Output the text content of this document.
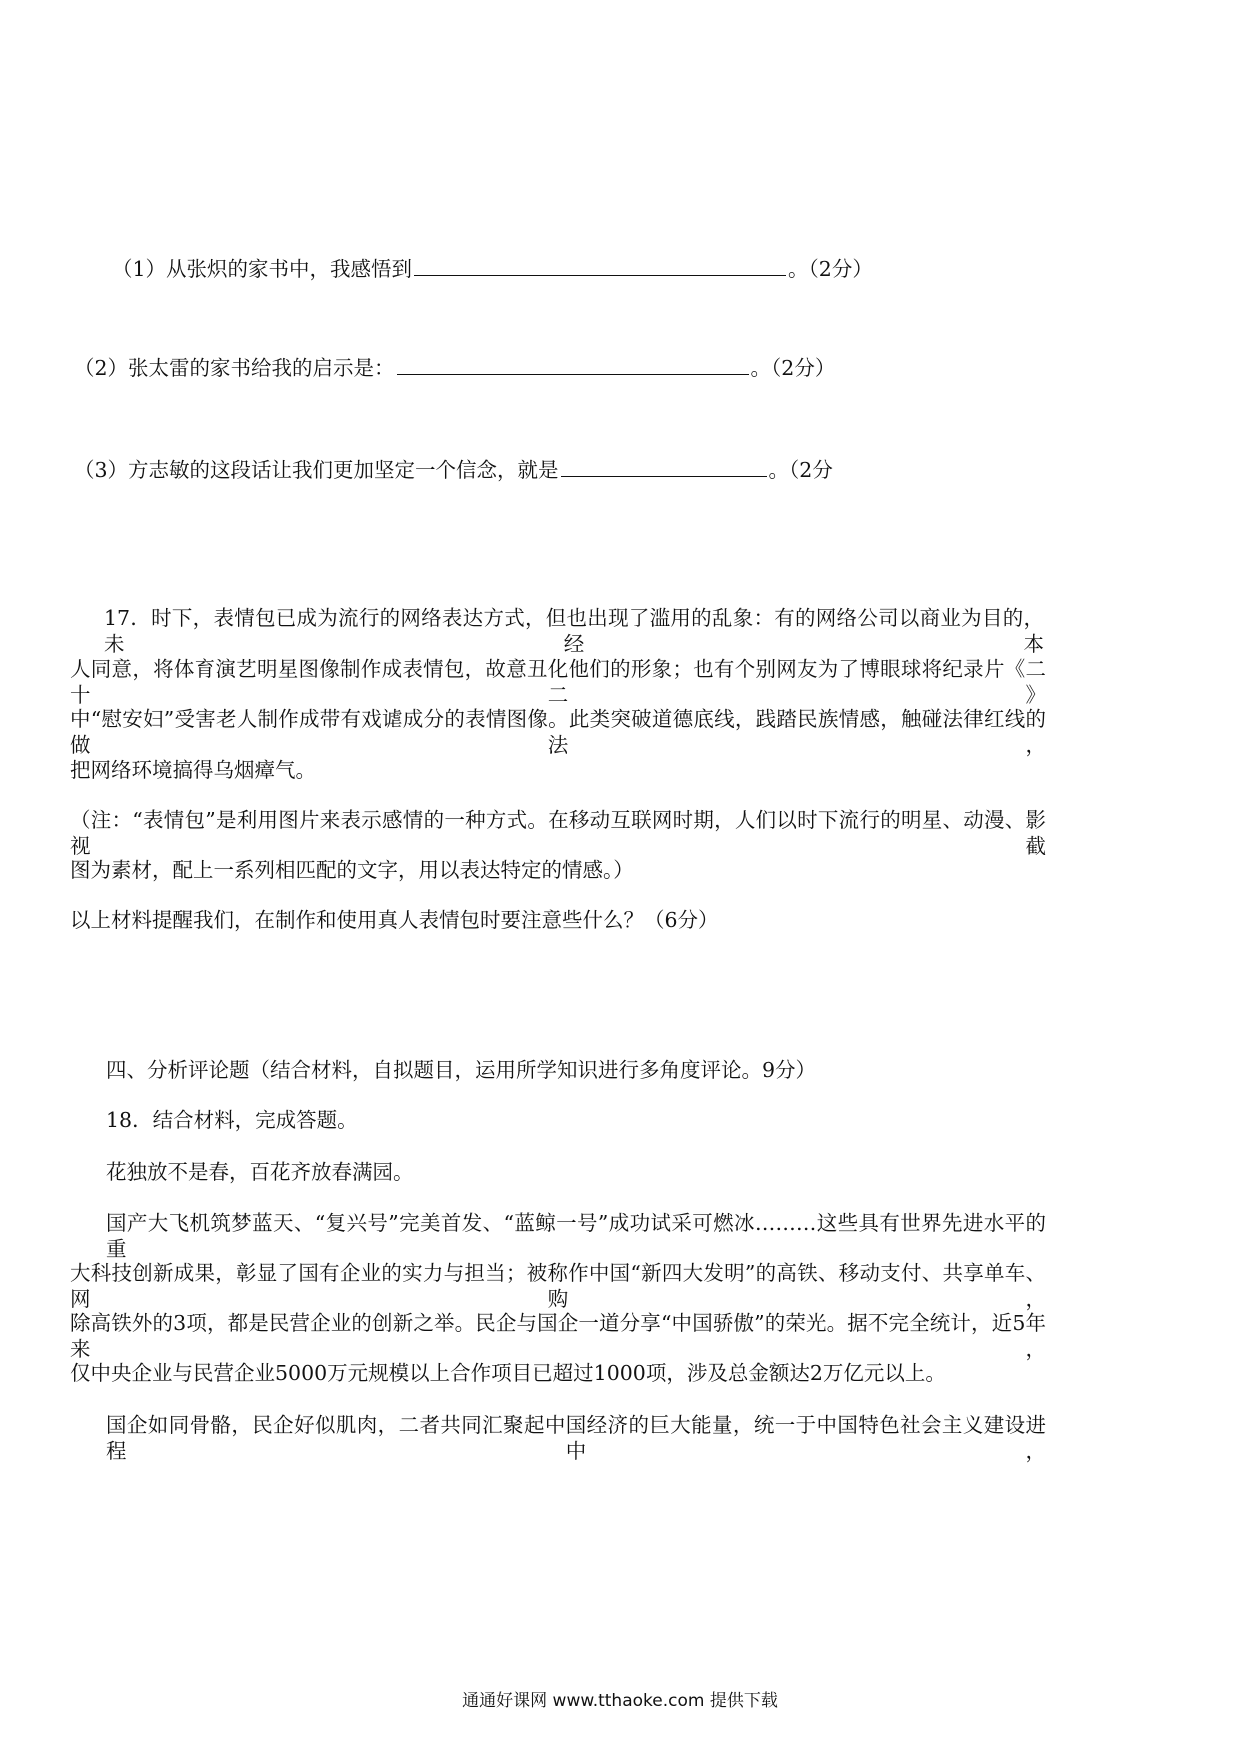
（1）从张炽的家书中，我感悟到	。（2分）
（2）张太雷的家书给我的启示是：	。（2分）
（3）方志敏的这段话让我们更加坚定一个信念，就是	。（2分
17．时下，表情包已成为流行的网络表达方式，但也出现了滥用的乱象：有的网络公司以商业为目的，未经本
人同意，将体育演艺明星图像制作成表情包，故意丑化他们的形象；也有个别网友为了博眼球将纪录片《二十二》
中“慰安妇”受害老人制作成带有戏谑成分的表情图像。此类突破道德底线，践踏民族情感，触碰法律红线的做法，
把网络环境搞得乌烟瘴气。
（注：“表情包”是利用图片来表示感情的一种方式。在移动互联网时期，人们以时下流行的明星、动漫、影视截
图为素材，配上一系列相匹配的文字，用以表达特定的情感。）
以上材料提醒我们，在制作和使用真人表情包时要注意些什么？（6分）
四、分析评论题（结合材料，自拟题目，运用所学知识进行多角度评论。9分）
18．结合材料，完成答题。
花独放不是春，百花齐放春满园。
国产大飞机筑梦蓝天、“复兴号”完美首发、“蓝鲸一号”成功试采可燃冰………这些具有世界先进水平的重
大科技创新成果，彰显了国有企业的实力与担当；被称作中国“新四大发明”的高铁、移动支付、共享单车、网购，
除高铁外的3项，都是民营企业的创新之举。民企与国企一道分享“中国骄傲”的荣光。据不完全统计，近5年来，
仅中央企业与民营企业5000万元规模以上合作项目已超过1000项，涉及总金额达2万亿元以上。
国企如同骨骼，民企好似肌肉，二者共同汇聚起中国经济的巨大能量，统一于中国特色社会主义建设进程中，
通通好课网 www.tthaoke.com 提供下载
